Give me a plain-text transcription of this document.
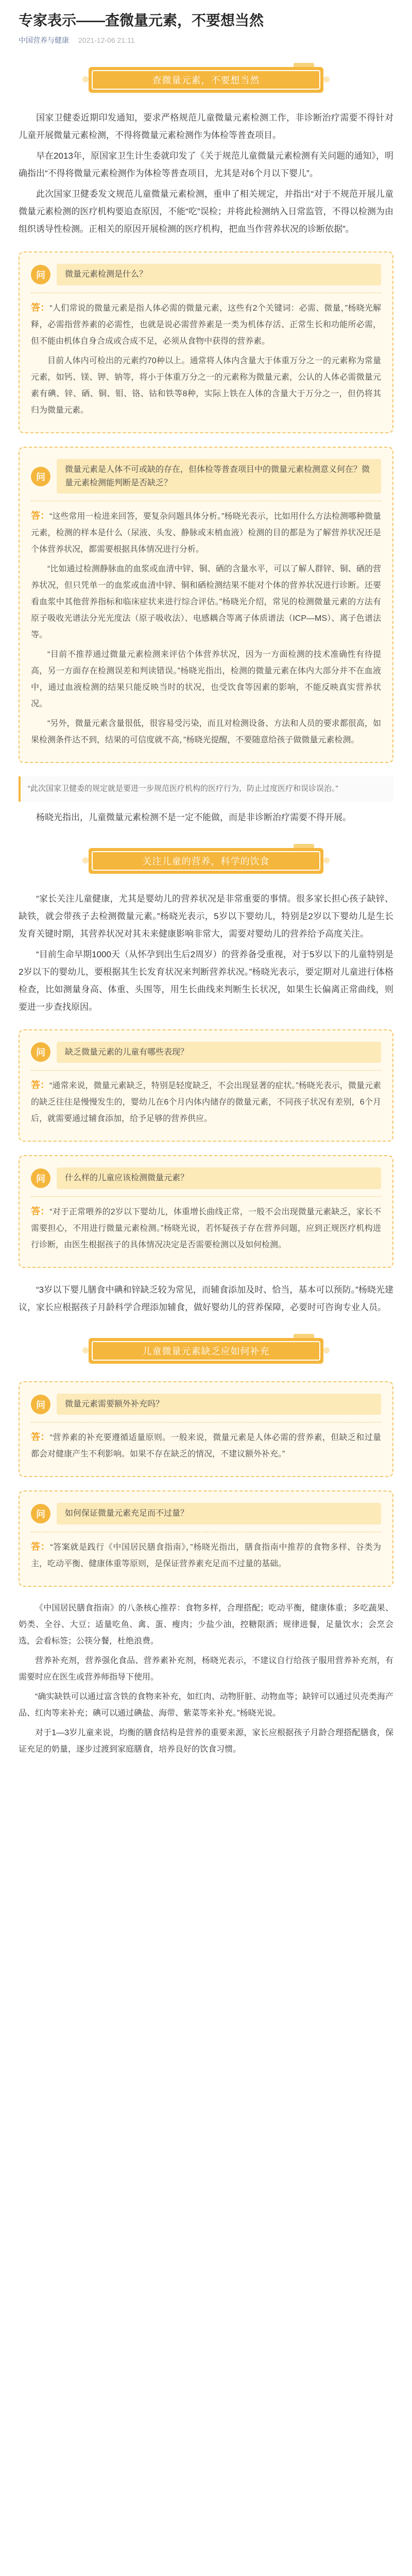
专家表示——查微量元素，不要想当然
中国营养与健康 2021-12-06 21:11
查微量元素，不要想当然

国家卫健委近期印发通知，要求严格规范儿童微量元素检测工作，非诊断治疗需要不得针对儿童开展微量元素检测，不得将微量元素检测作为体检等普查项目。

早在2013年，原国家卫生计生委就印发了《关于规范儿童微量元素检测有关问题的通知》，明确指出“不得将微量元素检测作为体检等普查项目，尤其是对6个月以下婴儿”。

此次国家卫健委发文规范儿童微量元素检测，重申了相关规定，并指出“对于不规范开展儿童微量元素检测的医疗机构要追查原因，不能“吃”误检；并将此检测纳入日常监管，不得以检测为由组织诱导性检测。正相关的原因开展检测的医疗机构，把血当作营养状况的诊断依据”。

问	微量元素检测是什么？

答：“人们常说的微量元素是指人体必需的微量元素，这些有2个关键词：必需、微量，”杨晓光解释，必需指营养素的必需性，也就是说必需营养素是一类为机体存活、正常生长和功能所必需，但不能由机体自身合成或合成不足，必须从食物中获得的营养素。

目前人体内可检出的元素约70种以上。通常将人体内含量大于体重万分之一的元素称为常量元素，如钙、镁、钾、钠等，将小于体重万分之一的元素称为微量元素，公认的人体必需微量元素有碘、锌、硒、铜、钼、铬、钴和铁等8种，实际上铁在人体的含量大于万分之一，但仍将其归为微量元素。

问
微量元素是人体不可或缺的存在，但体检等普查项目中的微量元素检测意义何在？微量元素检测能判断是否缺乏？

答：“这些常用一检进来回答，要复杂问题具体分析。”杨晓光表示，比如用什么方法检测哪种微量元素，检测的样本是什么（尿液、头发、静脉或末梢血液）检测的目的都是为了解营养状况还是个体营养状况，都需要根据具体情况进行分析。

“比如通过检测静脉血的血浆或血清中锌、铜、硒的含量水平，可以了解人群锌、铜、硒的营养状况，但只凭单一的血浆或血清中锌、铜和硒检测结果不能对个体的营养状况进行诊断。还要看血浆中其他营养指标和临床症状来进行综合评估。”杨晓光介绍，常见的检测微量元素的方法有原子吸收光谱法分光光度法（原子吸收法）、电感耦合等离子体质谱法（ICP—MS）、离子色谱法等。

“目前不推荐通过微量元素检测来评估个体营养状况，因为一方面检测的技术准确性有待提高，另一方面存在检测误差和判读错误。”杨晓光指出，检测的微量元素在体内大部分并不在血液中，通过血液检测的结果只能反映当时的状况，也受饮食等因素的影响，不能反映真实营养状况。

“另外，微量元素含量很低，很容易受污染，而且对检测设备、方法和人员的要求都很高，如果检测条件达不到，结果的可信度就不高，”杨晓光提醒，不要随意给孩子做微量元素检测。

“此次国家卫健委的规定就是要进一步规范医疗机构的医疗行为，防止过度医疗和误诊误治。”

杨晓光指出，儿童微量元素检测不是一定不能做，而是非诊断治疗需要不得开展。

关注儿童的营养，科学的饮食

“家长关注儿童健康，尤其是婴幼儿的营养状况是非常重要的事情。很多家长担心孩子缺锌、缺铁，就会带孩子去检测微量元素。”杨晓光表示，5岁以下婴幼儿，特别是2岁以下婴幼儿是生长发育关键时期，其营养状况对其未来健康影响非常大，需要对婴幼儿的营养给予高度关注。

“目前生命早期1000天（从怀孕到出生后2周岁）的营养备受重视，对于5岁以下的儿童特别是2岁以下的婴幼儿，要根据其生长发育状况来判断营养状况。”杨晓光表示，要定期对儿童进行体格检查，比如测量身高、体重、头围等，用生长曲线来判断生长状况，如果生长偏离正常曲线，则要进一步查找原因。

问	缺乏微量元素的儿童有哪些表现？

答：“通常来说，微量元素缺乏，特别是轻度缺乏，不会出现显著的症状。”杨晓光表示，微量元素的缺乏往往是慢慢发生的，婴幼儿在6个月内体内储存的微量元素，不同孩子状况有差别，6个月后，就需要通过辅食添加，给予足够的营养供应。

问	什么样的儿童应该检测微量元素？

答：“对于正常喂养的2岁以下婴幼儿，体重增长曲线正常，一般不会出现微量元素缺乏，家长不需要担心，不用进行微量元素检测。”杨晓光说，若怀疑孩子存在营养问题，应到正规医疗机构进行诊断，由医生根据孩子的具体情况决定是否需要检测以及如何检测。

“3岁以下婴儿膳食中碘和锌缺乏较为常见，而辅食添加及时、恰当，基本可以预防。”杨晓光建议，家长应根据孩子月龄科学合理添加辅食，做好婴幼儿的营养保障，必要时可咨询专业人员。

儿童微量元素缺乏应如何补充
问	微量元素需要额外补充吗？

答：“营养素的补充要遵循适量原则。一般来说，微量元素是人体必需的营养素，但缺乏和过量都会对健康产生不利影响。如果不存在缺乏的情况，不建议额外补充。”

问	如何保证微量元素充足而不过量？

答：“答案就是践行《中国居民膳食指南》，”杨晓光指出，膳食指南中推荐的食物多样、谷类为主，吃动平衡、健康体重等原则，是保证营养素充足而不过量的基础。

《中国居民膳食指南》的八条核心推荐：食物多样，合理搭配；吃动平衡，健康体重；多吃蔬果、奶类、全谷、大豆；适量吃鱼、禽、蛋、瘦肉；少盐少油，控糖限酒；规律进餐，足量饮水；会烹会选，会看标签；公筷分餐，杜绝浪费。

营养补充剂，营养强化食品、营养素补充剂，杨晓光表示，不建议自行给孩子服用营养补充剂，有需要时应在医生或营养师指导下使用。

“确实缺铁可以通过富含铁的食物来补充，如红肉、动物肝脏、动物血等；缺锌可以通过贝壳类海产品、红肉等来补充；碘可以通过碘盐、海带、紫菜等来补充。”杨晓光说。

对于1—3岁儿童来说，均衡的膳食结构是营养的重要来源，家长应根据孩子月龄合理搭配膳食，保证充足的奶量，逐步过渡到家庭膳食，培养良好的饮食习惯。
